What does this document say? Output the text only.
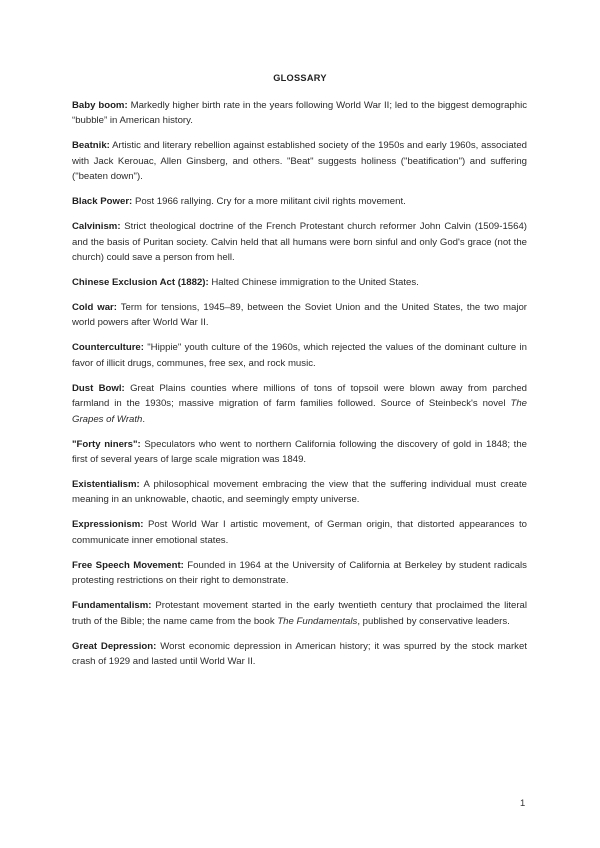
GLOSSARY

Baby boom: Markedly higher birth rate in the years following World War II; led to the biggest demographic “bubble” in American history.

Beatnik: Artistic and literary rebellion against established society of the 1950s and early 1960s, associated with Jack Kerouac, Allen Ginsberg, and others. "Beat" suggests holiness ("beatification") and suffering ("beaten down").

Black Power: Post 1966 rallying. Cry for a more militant civil rights movement.

Calvinism: Strict theological doctrine of the French Protestant church reformer John Calvin (1509-1564) and the basis of Puritan society. Calvin held that all humans were born sinful and only God's grace (not the church) could save a person from hell.

Chinese Exclusion Act (1882): Halted Chinese immigration to the United States.

Cold war: Term for tensions, 1945–89, between the Soviet Union and the United States, the two major world powers after World War II.

Counterculture: "Hippie" youth culture of the 1960s, which rejected the values of the dominant culture in favor of illicit drugs, communes, free sex, and rock music.

Dust Bowl: Great Plains counties where millions of tons of topsoil were blown away from parched farmland in the 1930s; massive migration of farm families followed. Source of Steinbeck's novel The Grapes of Wrath.

"Forty niners": Speculators who went to northern California following the discovery of gold in 1848; the first of several years of large scale migration was 1849.

Existentialism: A philosophical movement embracing the view that the suffering individual must create meaning in an unknowable, chaotic, and seemingly empty universe.

Expressionism: Post World War I artistic movement, of German origin, that distorted appearances to communicate inner emotional states.

Free Speech Movement: Founded in 1964 at the University of California at Berkeley by student radicals protesting restrictions on their right to demonstrate.

Fundamentalism: Protestant movement started in the early twentieth century that proclaimed the literal truth of the Bible; the name came from the book The Fundamentals, published by conservative leaders.

Great Depression: Worst economic depression in American history; it was spurred by the stock market crash of 1929 and lasted until World War II.

1
